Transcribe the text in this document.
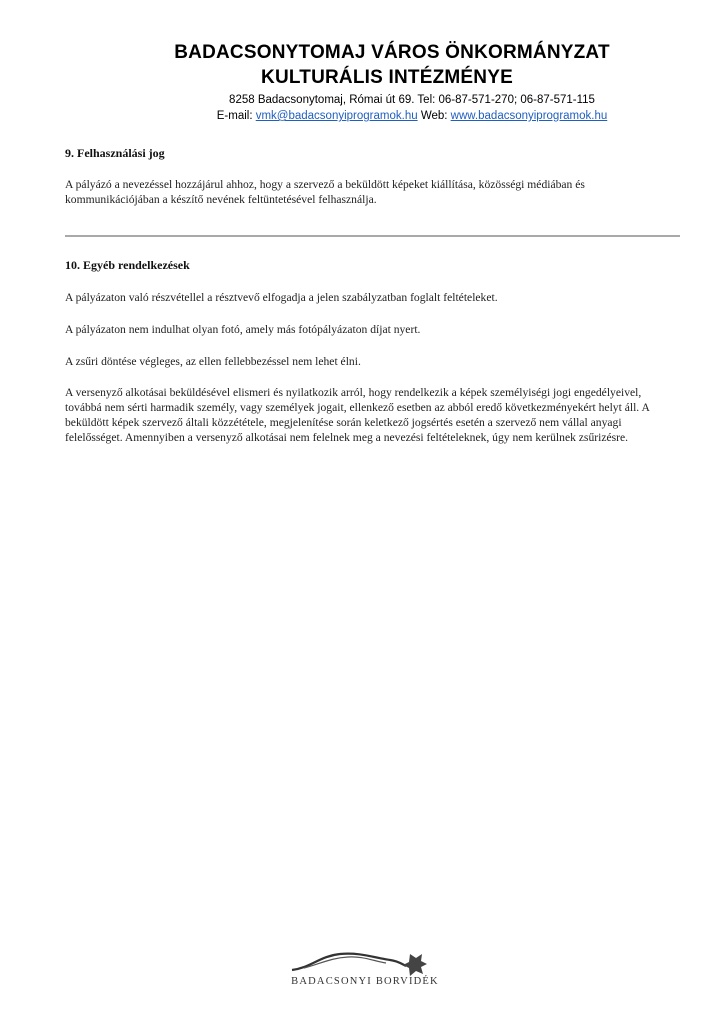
BADACSONYTOMAJ VÁROS ÖNKORMÁNYZAT
KULTURÁLIS INTÉZMÉNYE
8258 Badacsonytomaj, Római út 69. Tel: 06-87-571-270; 06-87-571-115
E-mail: vmk@badacsonyiprogramok.hu Web: www.badacsonyiprogramok.hu
9. Felhasználási jog
A pályázó a nevezéssel hozzájárul ahhoz, hogy a szervező a beküldött képeket kiállítása, közösségi médiában és kommunikációjában a készítő nevének feltüntetésével felhasználja.
10. Egyéb rendelkezések
A pályázaton való részvétellel a résztvevő elfogadja a jelen szabályzatban foglalt feltételeket.
A pályázaton nem indulhat olyan fotó, amely más fotópályázaton díjat nyert.
A zsűri döntése végleges, az ellen fellebbezéssel nem lehet élni.
A versenyző alkotásai beküldésével elismeri és nyilatkozik arról, hogy rendelkezik a képek személyiségi jogi engedélyeivel, továbbá nem sérti harmadik személy, vagy személyek jogait, ellenkező esetben az abból eredő következményekért helyt áll. A beküldött képek szervező általi közzététele, megjelenítése során keletkező jogsértés esetén a szervező nem vállal anyagi felelősséget. Amennyiben a versenyző alkotásai nem felelnek meg a nevezési feltételeknek, úgy nem kerülnek zsűrizésre.
BADACSONYI BORVIDÉK
